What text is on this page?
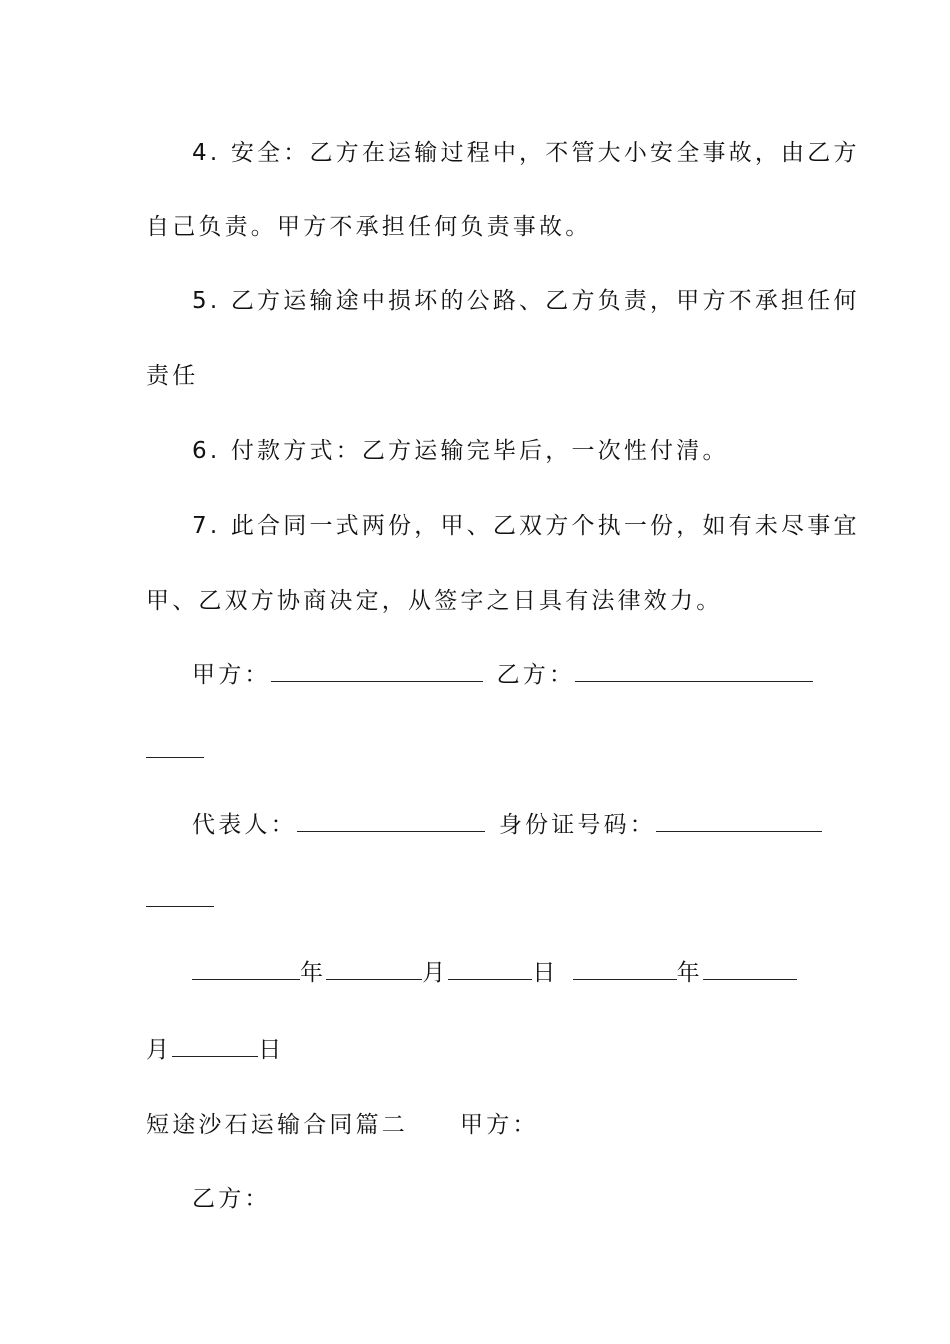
4. 安全：乙方在运输过程中，不管大小安全事故，由乙方
自己负责。甲方不承担任何负责事故。
5. 乙方运输途中损坏的公路、乙方负责，甲方不承担任何
责任
6. 付款方式：乙方运输完毕后，一次性付清。
7. 此合同一式两份，甲、乙双方个执一份，如有未尽事宜
甲、乙双方协商决定，从签字之日具有法律效力。
甲方：	乙方：
代表人：	身份证号码：
年	月	日	年
月	日
短途沙石运输合同篇二 甲方：
乙方：
